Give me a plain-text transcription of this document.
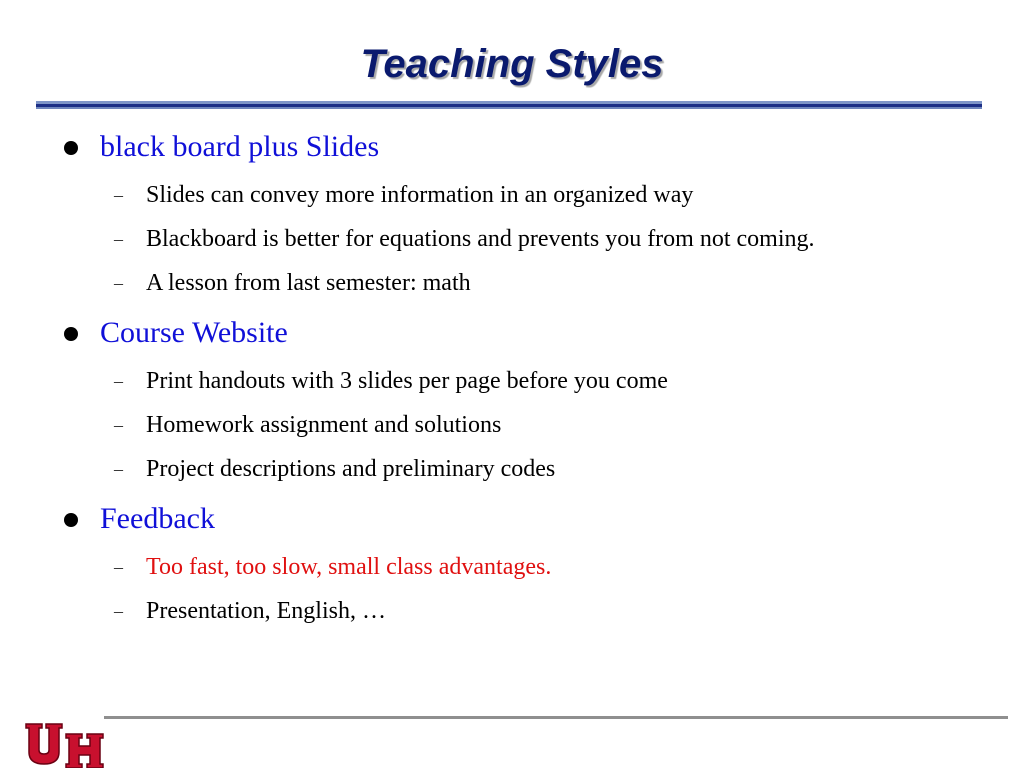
Teaching Styles
black board plus Slides
– Slides can convey more information in an organized way
– Blackboard is better for equations and prevents you from not coming.
– A lesson from last semester: math
Course Website
– Print handouts with 3 slides per page before you come
– Homework assignment and solutions
– Project descriptions and preliminary codes
Feedback
– Too fast, too slow, small class advantages.
– Presentation, English, …
